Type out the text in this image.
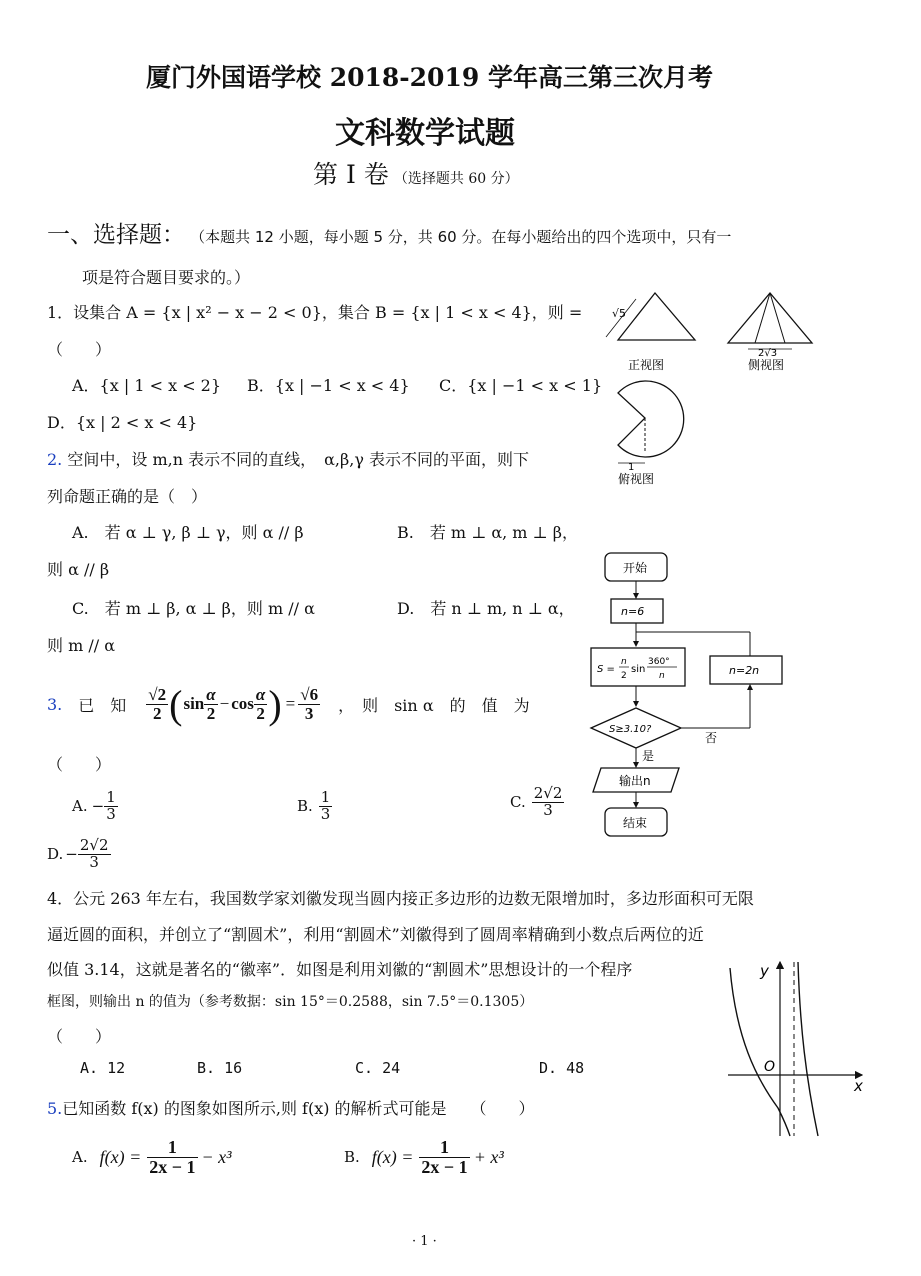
厦门外国语学校 2018-2019 学年高三第三次月考
文科数学试题
第 I 卷 （选择题共 60 分）
一、选择题： （本题共 12 小题，每小题 5 分，共 60 分。在每小题给出的四个选项中，只有一
项是符合题目要求的。）
1．设集合 A = {x | x² − x − 2 < 0}，集合 B = {x | 1 < x < 4}，则 =
（　　）
A．{x | 1 < x < 2} B．{x | −1 < x < 4} C．{x | −1 < x < 1}
D．{x | 2 < x < 4}
2. 空间中，设 m,n 表示不同的直线，　α,β,γ 表示不同的平面，则下
列命题正确的是（　）
A.　若 α ⊥ γ, β ⊥ γ，则 α // β	B.　若 m ⊥ α, m ⊥ β，
则 α // β
C.　若 m ⊥ β, α ⊥ β，则 m // α	D.　若 n ⊥ m, n ⊥ α，
则 m // α
3. 已　知 $\frac{√2}{2}$ ( $\sin \frac{\alpha}{2} - \cos \frac{\alpha}{2}$ ) = $\frac{√6}{3}$ ，　则　sin α　的　值　为
（　　）
A. − $\frac{1}{3}$	B. $\frac{1}{3}$	C. $\frac{2√2}{3}$
D. − $\frac{2√2}{3}$
4．公元 263 年左右，我国数学家刘徽发现当圆内接正多边形的边数无限增加时，多边形面积可无限
逼近圆的面积，并创立了“割圆术”，利用“割圆术”刘徽得到了圆周率精确到小数点后两位的近
似值 3.14，这就是著名的“徽率”．如图是利用刘徽的“割圆术”思想设计的一个程序
框图，则输出 n 的值为（参考数据：sin 15°＝0.2588，sin 7.5°＝0.1305）
（　　）
A. 12	B. 16	C. 24	D. 48
5.已知函数 f(x) 的图象如图所示,则 f(x) 的解析式可能是　　（　　）
A. $f(x) = \frac{1}{2x - 1} - x^3$	B. $f(x) = \frac{1}{2x - 1} + x^3$
√5
正视图
2√3
侧视图
1
俯视图
开始
n=6
S =
n
2
sin
360°
n
S≥3.10?
否
n=2n
是
输出n
结束
y
x
O
· 1 ·
